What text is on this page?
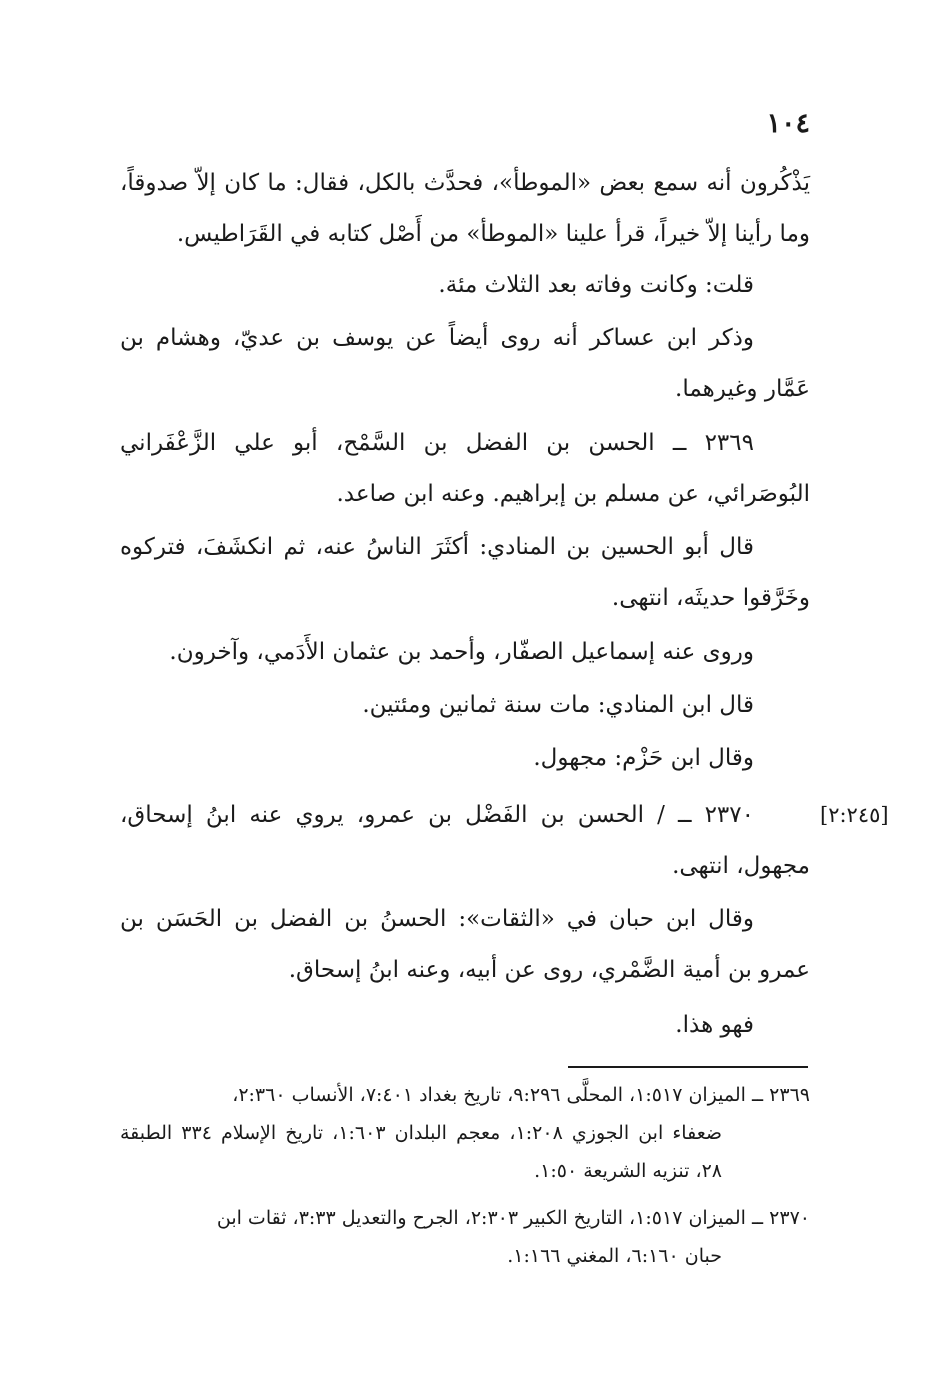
١٠٤

يَذْكُرون أنه سمع بعض «الموطأ»، فحدَّث بالكل، فقال: ما كان إلاّ صدوقاً، وما رأينا إلاّ خيراً، قرأ علينا «الموطأ» من أَصْل كتابه في القَرَاطيس.

قلت: وكانت وفاته بعد الثلاث مئة.

وذكر ابن عساكر أنه روى أيضاً عن يوسف بن عديّ، وهشام بن عَمَّار وغيرهما.

٢٣٦٩ ــ الحسن بن الفضل بن السَّمْح، أبو علي الزَّعْفَراني البُوصَرائي، عن مسلم بن إبراهيم. وعنه ابن صاعد.

قال أبو الحسين بن المنادي: أكثَرَ الناسُ عنه، ثم انكشَفَ، فتركوه وخَرَّقوا حديثَه، انتهى.

وروى عنه إسماعيل الصفّار، وأحمد بن عثمان الأَدَمي، وآخرون.

قال ابن المنادي: مات سنة ثمانين ومئتين.

وقال ابن حَزْم: مجهول.

٢٣٧٠ ــ / الحسن بن الفَضْل بن عمرو، يروي عنه ابنُ إسحاق، مجهول، انتهى.

وقال ابن حبان في «الثقات»: الحسنُ بن الفضل بن الحَسَن بن عمرو بن أمية الضَّمْري، روى عن أبيه، وعنه ابنُ إسحاق.

فهو هذا.

[٢:٢٤٥]
٢٣٦٩ ــ الميزان ١:٥١٧، المحلَّى ٩:٢٩٦، تاريخ بغداد ٧:٤٠١، الأنساب ٢:٣٦٠،
ضعفاء ابن الجوزي ١:٢٠٨، معجم البلدان ١:٦٠٣، تاريخ الإسلام ٣٣٤ الطبقة ٢٨، تنزيه الشريعة ١:٥٠.
٢٣٧٠ ــ الميزان ١:٥١٧، التاريخ الكبير ٢:٣٠٣، الجرح والتعديل ٣:٣٣، ثقات ابن
حبان ٦:١٦٠، المغني ١:١٦٦.
